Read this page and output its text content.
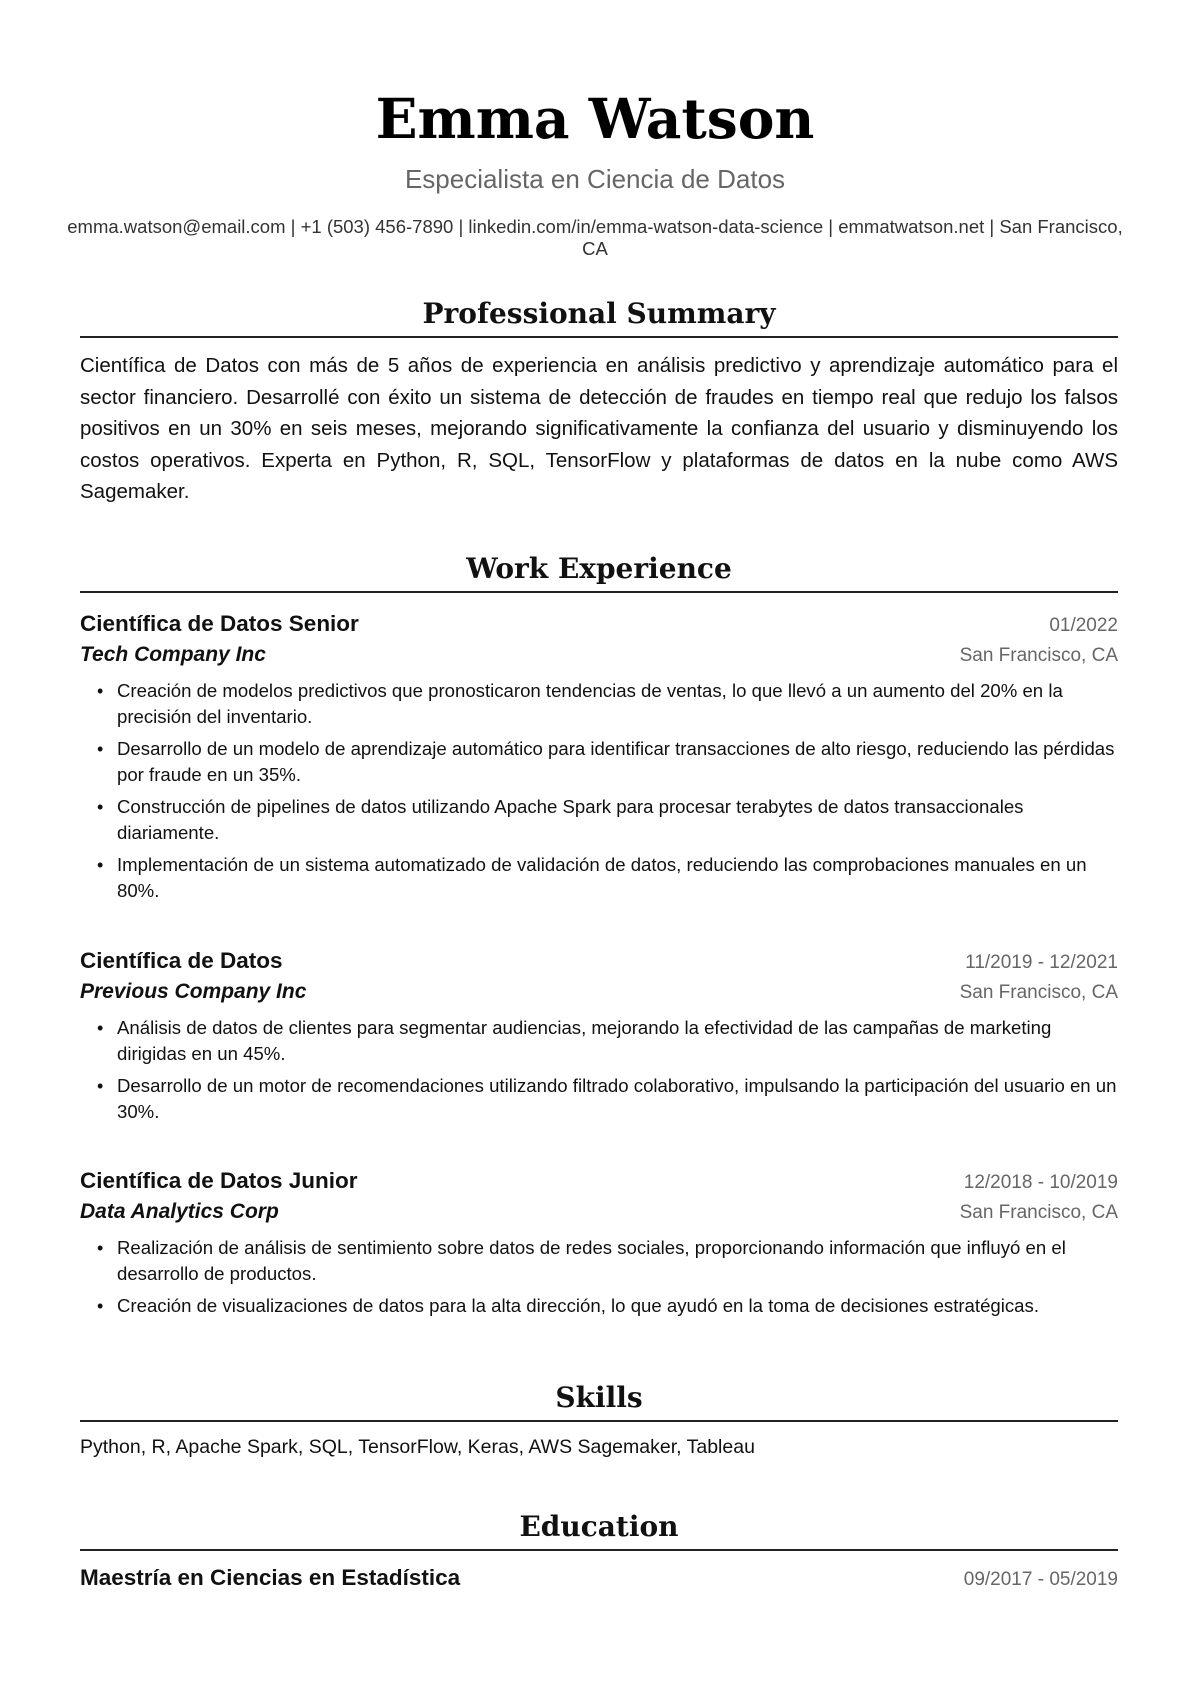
Emma Watson
Especialista en Ciencia de Datos
emma.watson@email.com | +1 (503) 456-7890 | linkedin.com/in/emma-watson-data-science | emmatwatson.net | San Francisco, CA
Professional Summary
Científica de Datos con más de 5 años de experiencia en análisis predictivo y aprendizaje automático para el sector financiero. Desarrollé con éxito un sistema de detección de fraudes en tiempo real que redujo los falsos positivos en un 30% en seis meses, mejorando significativamente la confianza del usuario y disminuyendo los costos operativos. Experta en Python, R, SQL, TensorFlow y plataformas de datos en la nube como AWS Sagemaker.
Work Experience
Científica de Datos Senior	01/2022
Tech Company Inc	San Francisco, CA
• Creación de modelos predictivos que pronosticaron tendencias de ventas, lo que llevó a un aumento del 20% en la precisión del inventario.
• Desarrollo de un modelo de aprendizaje automático para identificar transacciones de alto riesgo, reduciendo las pérdidas por fraude en un 35%.
• Construcción de pipelines de datos utilizando Apache Spark para procesar terabytes de datos transaccionales diariamente.
• Implementación de un sistema automatizado de validación de datos, reduciendo las comprobaciones manuales en un 80%.
Científica de Datos	11/2019 - 12/2021
Previous Company Inc	San Francisco, CA
• Análisis de datos de clientes para segmentar audiencias, mejorando la efectividad de las campañas de marketing dirigidas en un 45%.
• Desarrollo de un motor de recomendaciones utilizando filtrado colaborativo, impulsando la participación del usuario en un 30%.
Científica de Datos Junior	12/2018 - 10/2019
Data Analytics Corp	San Francisco, CA
• Realización de análisis de sentimiento sobre datos de redes sociales, proporcionando información que influyó en el desarrollo de productos.
• Creación de visualizaciones de datos para la alta dirección, lo que ayudó en la toma de decisiones estratégicas.
Skills
Python, R, Apache Spark, SQL, TensorFlow, Keras, AWS Sagemaker, Tableau
Education
Maestría en Ciencias en Estadística	09/2017 - 05/2019
